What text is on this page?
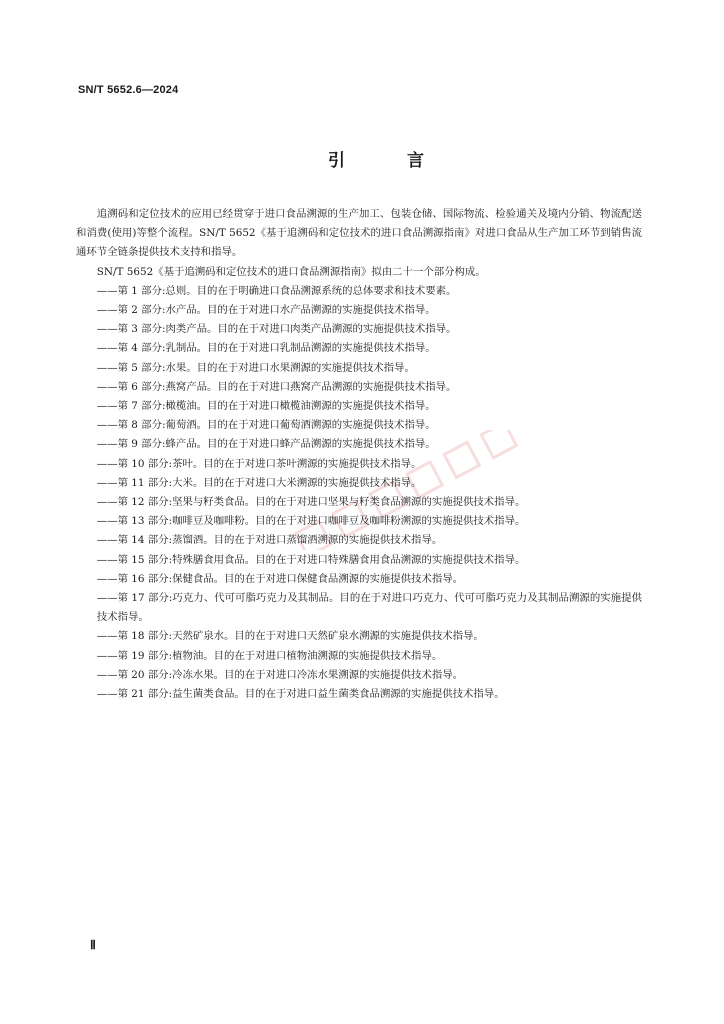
SN/T 5652.6—2024
引 言

追溯码和定位技术的应用已经贯穿于进口食品溯源的生产加工、包装仓储、国际物流、检验通关及境内分销、物流配送和消费(使用)等整个流程。SN/T 5652《基于追溯码和定位技术的进口食品溯源指南》对进口食品从生产加工环节到销售流通环节全链条提供技术支持和指导。

SN/T 5652《基于追溯码和定位技术的进口食品溯源指南》拟由二十一个部分构成。

——第 1 部分:总则。目的在于明确进口食品溯源系统的总体要求和技术要素。
——第 2 部分:水产品。目的在于对进口水产品溯源的实施提供技术指导。
——第 3 部分:肉类产品。目的在于对进口肉类产品溯源的实施提供技术指导。
——第 4 部分:乳制品。目的在于对进口乳制品溯源的实施提供技术指导。
——第 5 部分:水果。目的在于对进口水果溯源的实施提供技术指导。
——第 6 部分:燕窝产品。目的在于对进口燕窝产品溯源的实施提供技术指导。
——第 7 部分:橄榄油。目的在于对进口橄榄油溯源的实施提供技术指导。
——第 8 部分:葡萄酒。目的在于对进口葡萄酒溯源的实施提供技术指导。
——第 9 部分:蜂产品。目的在于对进口蜂产品溯源的实施提供技术指导。
——第 10 部分:茶叶。目的在于对进口茶叶溯源的实施提供技术指导。
——第 11 部分:大米。目的在于对进口大米溯源的实施提供技术指导。
——第 12 部分:坚果与籽类食品。目的在于对进口坚果与籽类食品溯源的实施提供技术指导。
——第 13 部分:咖啡豆及咖啡粉。目的在于对进口咖啡豆及咖啡粉溯源的实施提供技术指导。
——第 14 部分:蒸馏酒。目的在于对进口蒸馏酒溯源的实施提供技术指导。
——第 15 部分:特殊膳食用食品。目的在于对进口特殊膳食用食品溯源的实施提供技术指导。
——第 16 部分:保健食品。目的在于对进口保健食品溯源的实施提供技术指导。
——第 17 部分:巧克力、代可可脂巧克力及其制品。目的在于对进口巧克力、代可可脂巧克力及其制品溯源的实施提供技术指导。
——第 18 部分:天然矿泉水。目的在于对进口天然矿泉水溯源的实施提供技术指导。
——第 19 部分:植物油。目的在于对进口植物油溯源的实施提供技术指导。
——第 20 部分:冷冻水果。目的在于对进口冷冻水果溯源的实施提供技术指导。
——第 21 部分:益生菌类食品。目的在于对进口益生菌类食品溯源的实施提供技术指导。
Ⅱ
